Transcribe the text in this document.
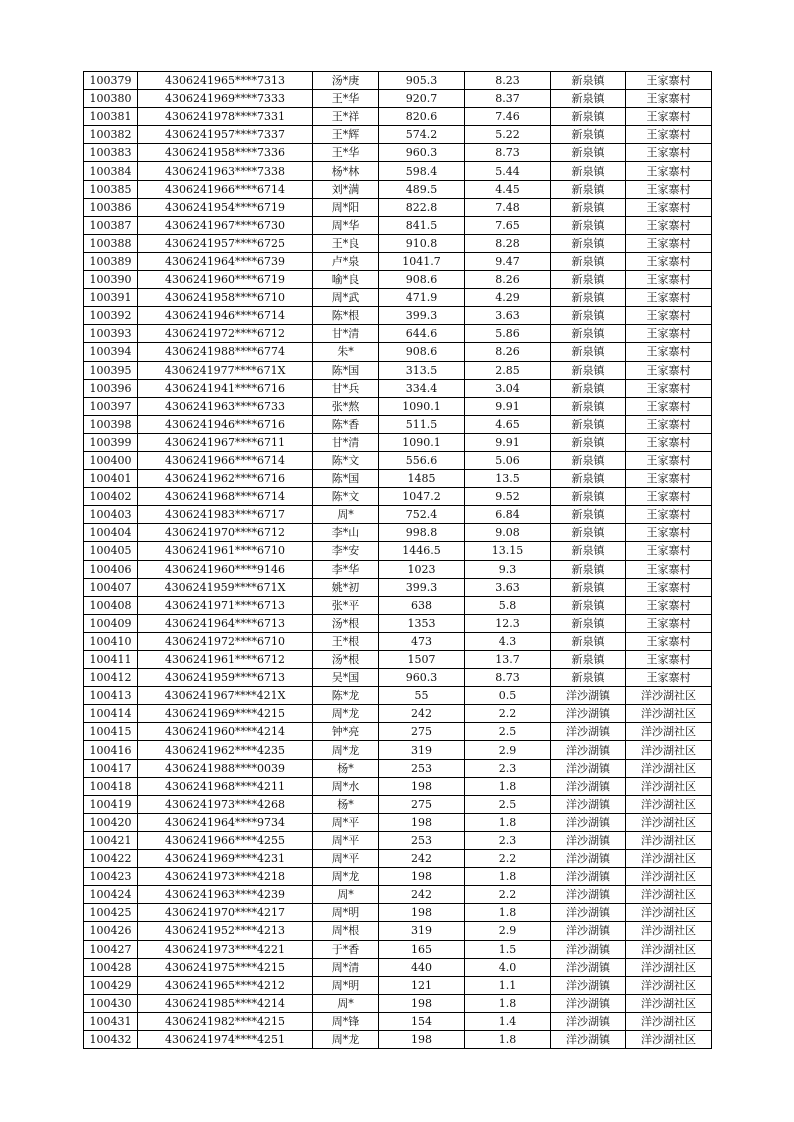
100379	4306241965****7313	汤*庚	905.3	8.23	新泉镇	王家寨村
100380	4306241969****7333	王*华	920.7	8.37	新泉镇	王家寨村
100381	4306241978****7331	王*祥	820.6	7.46	新泉镇	王家寨村
100382	4306241957****7337	王*辉	574.2	5.22	新泉镇	王家寨村
100383	4306241958****7336	王*华	960.3	8.73	新泉镇	王家寨村
100384	4306241963****7338	杨*林	598.4	5.44	新泉镇	王家寨村
100385	4306241966****6714	刘*满	489.5	4.45	新泉镇	王家寨村
100386	4306241954****6719	周*阳	822.8	7.48	新泉镇	王家寨村
100387	4306241967****6730	周*华	841.5	7.65	新泉镇	王家寨村
100388	4306241957****6725	王*良	910.8	8.28	新泉镇	王家寨村
100389	4306241964****6739	卢*泉	1041.7	9.47	新泉镇	王家寨村
100390	4306241960****6719	喻*良	908.6	8.26	新泉镇	王家寨村
100391	4306241958****6710	周*武	471.9	4.29	新泉镇	王家寨村
100392	4306241946****6714	陈*根	399.3	3.63	新泉镇	王家寨村
100393	4306241972****6712	甘*清	644.6	5.86	新泉镇	王家寨村
100394	4306241988****6774	朱*	908.6	8.26	新泉镇	王家寨村
100395	4306241977****671X	陈*国	313.5	2.85	新泉镇	王家寨村
100396	4306241941****6716	甘*兵	334.4	3.04	新泉镇	王家寨村
100397	4306241963****6733	张*熬	1090.1	9.91	新泉镇	王家寨村
100398	4306241946****6716	陈*香	511.5	4.65	新泉镇	王家寨村
100399	4306241967****6711	甘*清	1090.1	9.91	新泉镇	王家寨村
100400	4306241966****6714	陈*文	556.6	5.06	新泉镇	王家寨村
100401	4306241962****6716	陈*国	1485	13.5	新泉镇	王家寨村
100402	4306241968****6714	陈*文	1047.2	9.52	新泉镇	王家寨村
100403	4306241983****6717	周*	752.4	6.84	新泉镇	王家寨村
100404	4306241970****6712	李*山	998.8	9.08	新泉镇	王家寨村
100405	4306241961****6710	李*安	1446.5	13.15	新泉镇	王家寨村
100406	4306241960****9146	李*华	1023	9.3	新泉镇	王家寨村
100407	4306241959****671X	姚*初	399.3	3.63	新泉镇	王家寨村
100408	4306241971****6713	张*平	638	5.8	新泉镇	王家寨村
100409	4306241964****6713	汤*根	1353	12.3	新泉镇	王家寨村
100410	4306241972****6710	王*根	473	4.3	新泉镇	王家寨村
100411	4306241961****6712	汤*根	1507	13.7	新泉镇	王家寨村
100412	4306241959****6713	吴*国	960.3	8.73	新泉镇	王家寨村
100413	4306241967****421X	陈*龙	55	0.5	洋沙湖镇	洋沙湖社区
100414	4306241969****4215	周*龙	242	2.2	洋沙湖镇	洋沙湖社区
100415	4306241960****4214	钟*亮	275	2.5	洋沙湖镇	洋沙湖社区
100416	4306241962****4235	周*龙	319	2.9	洋沙湖镇	洋沙湖社区
100417	4306241988****0039	杨*	253	2.3	洋沙湖镇	洋沙湖社区
100418	4306241968****4211	周*水	198	1.8	洋沙湖镇	洋沙湖社区
100419	4306241973****4268	杨*	275	2.5	洋沙湖镇	洋沙湖社区
100420	4306241964****9734	周*平	198	1.8	洋沙湖镇	洋沙湖社区
100421	4306241966****4255	周*平	253	2.3	洋沙湖镇	洋沙湖社区
100422	4306241969****4231	周*平	242	2.2	洋沙湖镇	洋沙湖社区
100423	4306241973****4218	周*龙	198	1.8	洋沙湖镇	洋沙湖社区
100424	4306241963****4239	周*	242	2.2	洋沙湖镇	洋沙湖社区
100425	4306241970****4217	周*明	198	1.8	洋沙湖镇	洋沙湖社区
100426	4306241952****4213	周*根	319	2.9	洋沙湖镇	洋沙湖社区
100427	4306241973****4221	于*香	165	1.5	洋沙湖镇	洋沙湖社区
100428	4306241975****4215	周*清	440	4.0	洋沙湖镇	洋沙湖社区
100429	4306241965****4212	周*明	121	1.1	洋沙湖镇	洋沙湖社区
100430	4306241985****4214	周*	198	1.8	洋沙湖镇	洋沙湖社区
100431	4306241982****4215	周*锋	154	1.4	洋沙湖镇	洋沙湖社区
100432	4306241974****4251	周*龙	198	1.8	洋沙湖镇	洋沙湖社区
